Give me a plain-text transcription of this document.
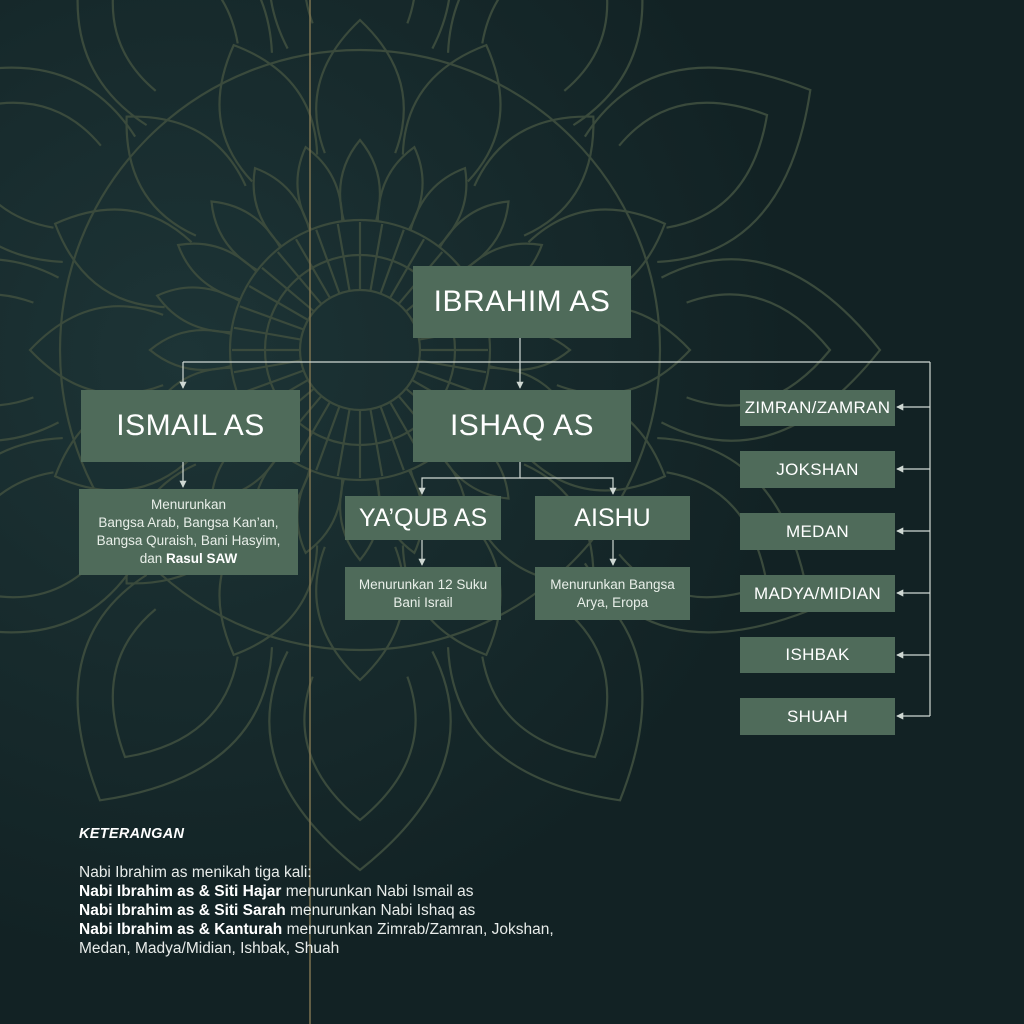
IBRAHIM AS
ISMAIL AS	ISHAQ AS
Menurunkan
Bangsa Arab, Bangsa Kan’an,
Bangsa Quraish, Bani Hasyim,
dan Rasul SAW
YA’QUB AS	AISHU
Menurunkan 12 Suku
Bani Israil
Menurunkan Bangsa
Arya, Eropa
ZIMRAN/ZAMRAN
JOKSHAN
MEDAN
MADYA/MIDIAN
ISHBAK
SHUAH
KETERANGAN
Nabi Ibrahim as menikah tiga kali:
Nabi Ibrahim as & Siti Hajar menurunkan Nabi Ismail as
Nabi Ibrahim as & Siti Sarah menurunkan Nabi Ishaq as
Nabi Ibrahim as & Kanturah menurunkan Zimrab/Zamran, Jokshan, Medan, Madya/Midian, Ishbak, Shuah
